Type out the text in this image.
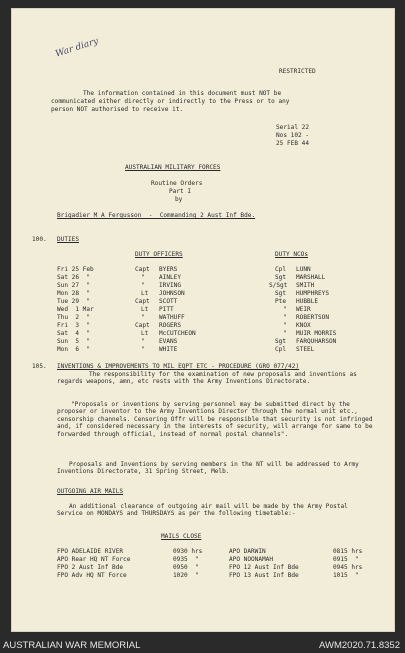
War diary
RESTRICTED
The information contained in this document must NOT be
communicated either directly or indirectly to the Press or to any
person NOT authorised to receive it.
Serial 22
Nos 102 -
25 FEB 44
AUSTRALIAN MILITARY FORCES
Routine Orders
Part I
by
Brigadier M A Fergusson  -  Commanding 2 Aust Inf Bde.
100. DUTIES
DUTY OFFICERS	DUTY NCOs
Fri 25 Feb	Capt BYERS	Cpl LUNN
Sat 26  "	" AINLEY	Sgt MARSHALL
Sun 27  "	" IRVING	S/Sgt SMITH
Mon 28  "	Lt JOHNSON	Sgt HUMPHREYS
Tue 29  "	Capt SCOTT	Pte HUBBLE
Wed  1 Mar	Lt PITT	" WEIR
Thu  2  "	" WATHUFF	" ROBERTSON
Fri  3  "	Capt ROGERS	" KNOX
Sat  4  "	Lt McCUTCHEON	" MUIR MORRIS
Sun  5  "	" EVANS	Sgt FARQUHARSON
Mon  6  "	" WHITE	Cpl STEEL
105. INVENTIONS & IMPROVEMENTS TO MIL EQPT ETC - PROCEDURE (GRO 077/42)
The responsibility for the examination of new proposals and inventions as regards weapons, amn, etc rests with the Army Inventions Directorate.
"Proposals or inventions by serving personnel may be submitted direct by the proposer or inventor to the Army Inventions Director through the normal unit etc., censorship channels. Censoring Offr will be responsible that security is not infringed and, if considered necessary in the interests of security, will arrange for same to be forwarded through official, instead of normal postal channels".
Proposals and Inventions by serving members in the NT will be addressed to Army Inventions Directorate, 31 Spring Street, Melb.
OUTGOING AIR MAILS
An additional clearance of outgoing air mail will be made by the Army Postal Service on MONDAYS and THURSDAYS as per the following timetable:-
MAILS CLOSE
FPO ADELAIDE RIVER	0930 hrs	APO DARWIN	0815 hrs
APO Rear HQ NT Force	0935  "	APO NOONAMAH	0915  "
FPO 2 Aust Inf Bde	0950  "	FPO 12 Aust Inf Bde	0945 hrs
FPO Adv HQ NT Force	1020  "	FPO 13 Aust Inf Bde	1015  "
AUSTRALIAN WAR MEMORIAL	AWM2020.71.8352
